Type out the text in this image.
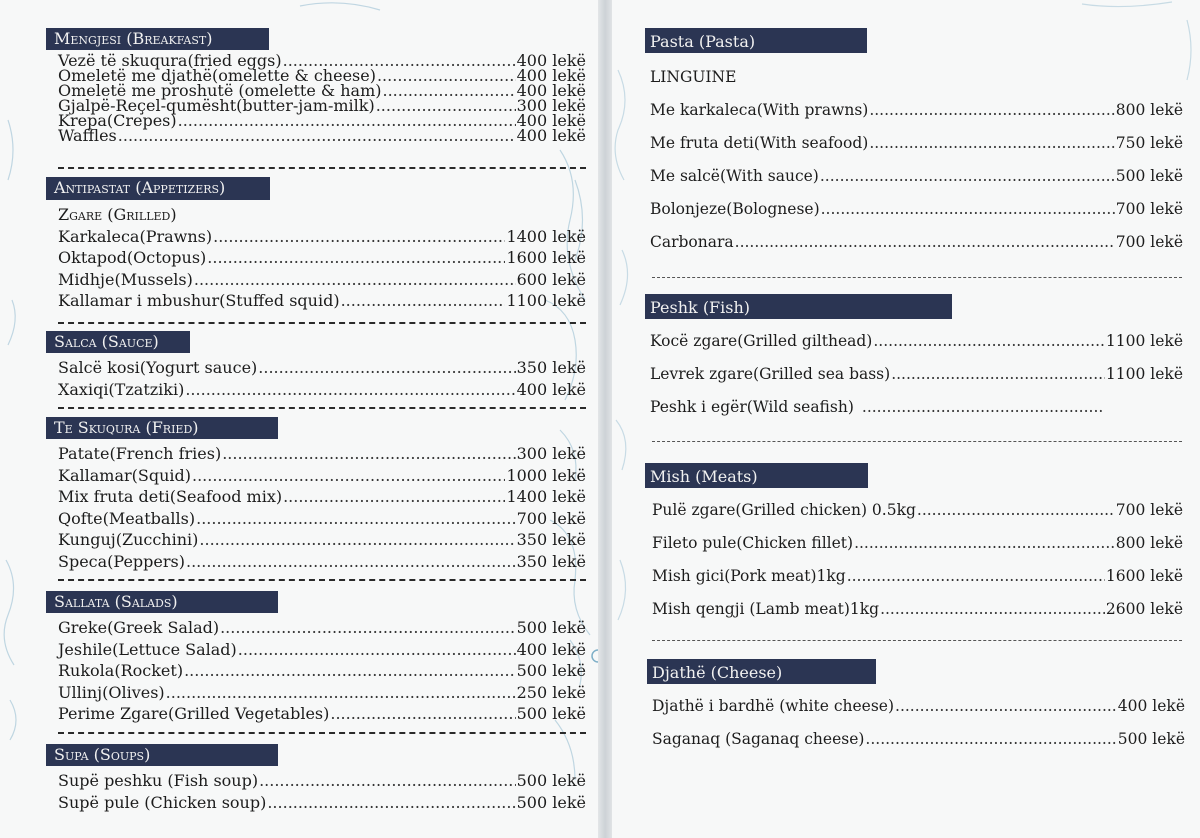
Mengjesi (Breakfast)
Vezë të skuqura(fried eggs) .....	400 lekë
Omeletë me djathë(omelette & cheese) .....	400 lekë
Omeletë me proshutë (omelette & ham) .....	400 lekë
Gjalpë-Reçel-qumësht(butter-jam-milk) .....	300 lekë
Krepa(Crepes) .....	400 lekë
Waffles .....	400 lekë
Antipastat (Appetizers)
Zgare (Grilled)
Karkaleca(Prawns) .....	1400 lekë
Oktapod(Octopus) .....	1600 lekë
Midhje(Mussels) .....	600 lekë
Kallamar i mbushur(Stuffed squid) .....	1100 lekë
Salca (Sauce)
Salcë kosi(Yogurt sauce) .....	350 lekë
Xaxiqi(Tzatziki) .....	400 lekë
Te Skuqura (Fried)
Patate(French fries) .....	300 lekë
Kallamar(Squid) .....	1000 lekë
Mix fruta deti(Seafood mix) .....	1400 lekë
Qofte(Meatballs) .....	700 lekë
Kunguj(Zucchini) .....	350 lekë
Speca(Peppers) .....	350 lekë
Sallata (Salads)
Greke(Greek Salad) .....	500 lekë
Jeshile(Lettuce Salad) .....	400 lekë
Rukola(Rocket) .....	500 lekë
Ullinj(Olives) .....	250 lekë
Perime Zgare(Grilled Vegetables) .....	500 lekë
Supa (Soups)
Supë peshku (Fish soup) .....	500 lekë
Supë pule (Chicken soup) .....	500 lekë
Pasta (Pasta)
LINGUINE
Me karkaleca(With prawns) .....	800 lekë
Me fruta deti(With seafood) .....	750 lekë
Me salcë(With sauce) .....	500 lekë
Bolonjeze(Bolognese) .....	700 lekë
Carbonara .....	700 lekë
Peshk (Fish)
Kocë zgare(Grilled gilthead) .....	1100 lekë
Levrek zgare(Grilled sea bass) .....	1100 lekë
Peshk i egër(Wild seafish)
.....
Mish (Meats)
Pulë zgare(Grilled chicken) 0.5kg .....	700 lekë
Fileto pule(Chicken fillet) .....	800 lekë
Mish gici(Pork meat)1kg .....	1600 lekë
Mish qengji (Lamb meat)1kg .....	2600 lekë
Djathë (Cheese)
Djathë i bardhë (white cheese) .....	400 lekë
Saganaq (Saganaq cheese) .....	500 lekë
